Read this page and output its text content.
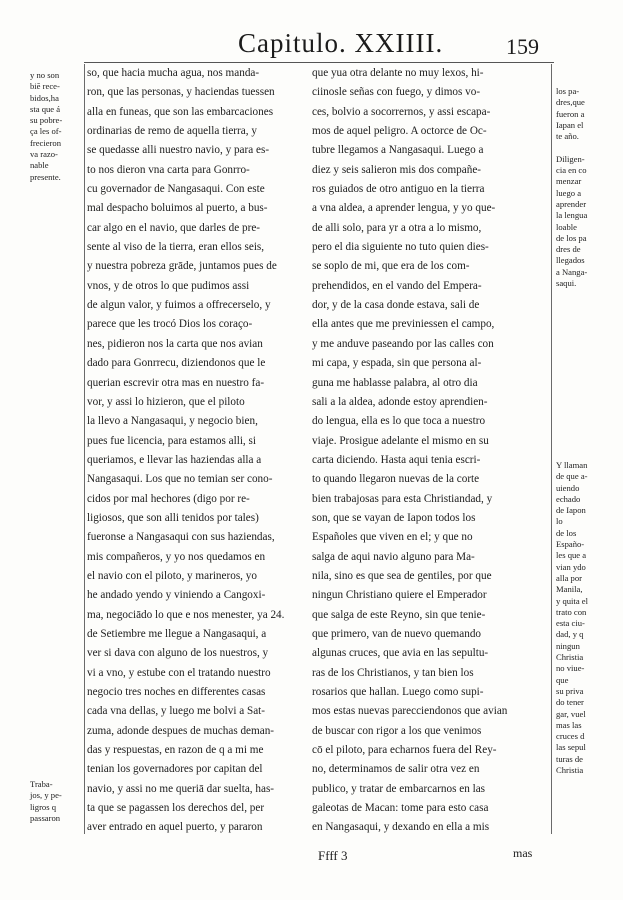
Capitulo. XXIIII.	159
y no son
biē rece-
bidos,ha
sta que á
su pobre-
ça les of-
frecieron
va razo-
nable
presente.
Traba-
jos, y pe-
ligros q
passaron
so, que hacia mucha agua, nos manda-
ron, que las personas, y haciendas tuessen
alla en funeas, que son las embarcaciones
ordinarias de remo de aquella tierra, y
se quedasse alli nuestro navio, y para es-
to nos dieron vna carta para Gonrro-
cu governador de Nangasaqui. Con este
mal despacho boluimos al puerto, a bus-
car algo en el navio, que darles de pre-
sente al viso de la tierra, eran ellos seis,
y nuestra pobreza grāde, juntamos pues de
vnos, y de otros lo que pudimos assi
de algun valor, y fuimos a offrecerselo, y
parece que les trocó Dios los coraço-
nes, pidieron nos la carta que nos avian
dado para Gonrrecu, diziendonos que le
querian escrevir otra mas en nuestro fa-
vor, y assi lo hizieron, que el piloto
la llevo a Nangasaqui, y negocio bien,
pues fue licencia, para estamos alli, si
queriamos, e llevar las haziendas alla a
Nangasaqui. Los que no temian ser cono-
cidos por mal hechores (digo por re-
ligiosos, que son alli tenidos por tales)
fueronse a Nangasaqui con sus haziendas,
mis compañeros, y yo nos quedamos en
el navio con el piloto, y marineros, yo
he andado yendo y viniendo a Cangoxi-
ma, negociādo lo que e nos menester, ya 24.
de Setiembre me llegue a Nangasaqui, a
ver si dava con alguno de los nuestros, y
vi a vno, y estube con el tratando nuestro
negocio tres noches en differentes casas
cada vna dellas, y luego me bolvi a Sat-
zuma, adonde despues de muchas deman-
das y respuestas, en razon de q a mi me
tenian los governadores por capitan del
navio, y assi no me queriā dar suelta, has-
ta que se pagassen los derechos del, per
aver entrado en aquel puerto, y pararon
que yua otra delante no muy lexos, hi-
ciinosle señas con fuego, y dimos vo-
ces, bolvio a socorrernos, y assi escapa-
mos de aquel peligro. A octorce de Oc-
tubre llegamos a Nangasaqui. Luego a
diez y seis salieron mis dos compañe-
ros guiados de otro antiguo en la tierra
a vna aldea, a aprender lengua, y yo que-
de alli solo, para yr a otra a lo mismo,
pero el dia siguiente no tuto quien dies-
se soplo de mi, que era de los com-
prehendidos, en el vando del Empera-
dor, y de la casa donde estava, sali de
ella antes que me previniessen el campo,
y me anduve paseando por las calles con
mi capa, y espada, sin que persona al-
guna me hablasse palabra, al otro dia
sali a la aldea, adonde estoy aprendien-
do lengua, ella es lo que toca a nuestro
viaje. Prosigue adelante el mismo en su
carta diciendo. Hasta aqui tenia escri-
to quando llegaron nuevas de la corte
bien trabajosas para esta Christiandad, y
son, que se vayan de Iapon todos los
Españoles que viven en el; y que no
salga de aqui navio alguno para Ma-
nila, sino es que sea de gentiles, por que
ningun Christiano quiere el Emperador
que salga de este Reyno, sin que tenie-
que primero, van de nuevo quemando
algunas cruces, que avia en las sepultu-
ras de los Christianos, y tan bien los
rosarios que hallan. Luego como supi-
mos estas nuevas parecciendonos que avian
de buscar con rigor a los que venimos
cō el piloto, para echarnos fuera del Rey-
no, determinamos de salir otra vez en
publico, y tratar de embarcarnos en las
galeotas de Macan: tome para esto casa
en Nangasaqui, y dexando en ella a mis
los pa-
dres,que
fueron a
Iapan el
te año.

Diligen-
cia en co
menzar
luego a
aprender
la lengua
loable
de los pa
dres de
llegados
a Nanga-
saqui.
Y llaman
de que a-
uiendo
echado
de Iapon
lo
de los
Españo-
les que a
vian ydo
alla por
Manila,
y quita el
trato con
esta ciu-
dad, y q
ningun
Christia
no viue-
que
su priva
do tener
gar, vuel
mas las
cruces d
las sepul
turas de
Christia
Ffff 3	mas
